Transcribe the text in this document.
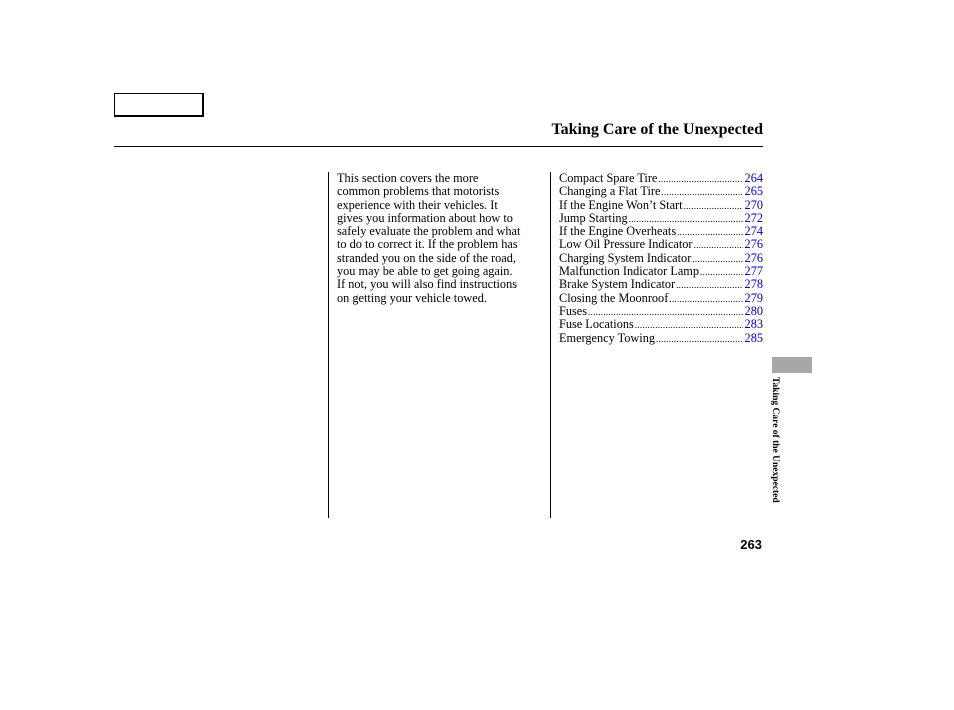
Taking Care of the Unexpected
This section covers the more
common problems that motorists
experience with their vehicles. It
gives you information about how to
safely evaluate the problem and what
to do to correct it. If the problem has
stranded you on the side of the road,
you may be able to get going again.
If not, you will also find instructions
on getting your vehicle towed.
Compact Spare Tire .....	264
Changing a Flat Tire .....	265
If the Engine Won’t Start .....	270
Jump Starting .....	272
If the Engine Overheats .....	274
Low Oil Pressure Indicator .....	276
Charging System Indicator .....	276
Malfunction Indicator Lamp .....	277
Brake System Indicator .....	278
Closing the Moonroof .....	279
Fuses .....	280
Fuse Locations .....	283
Emergency Towing .....	285
Taking Care of the Unexpected
263
